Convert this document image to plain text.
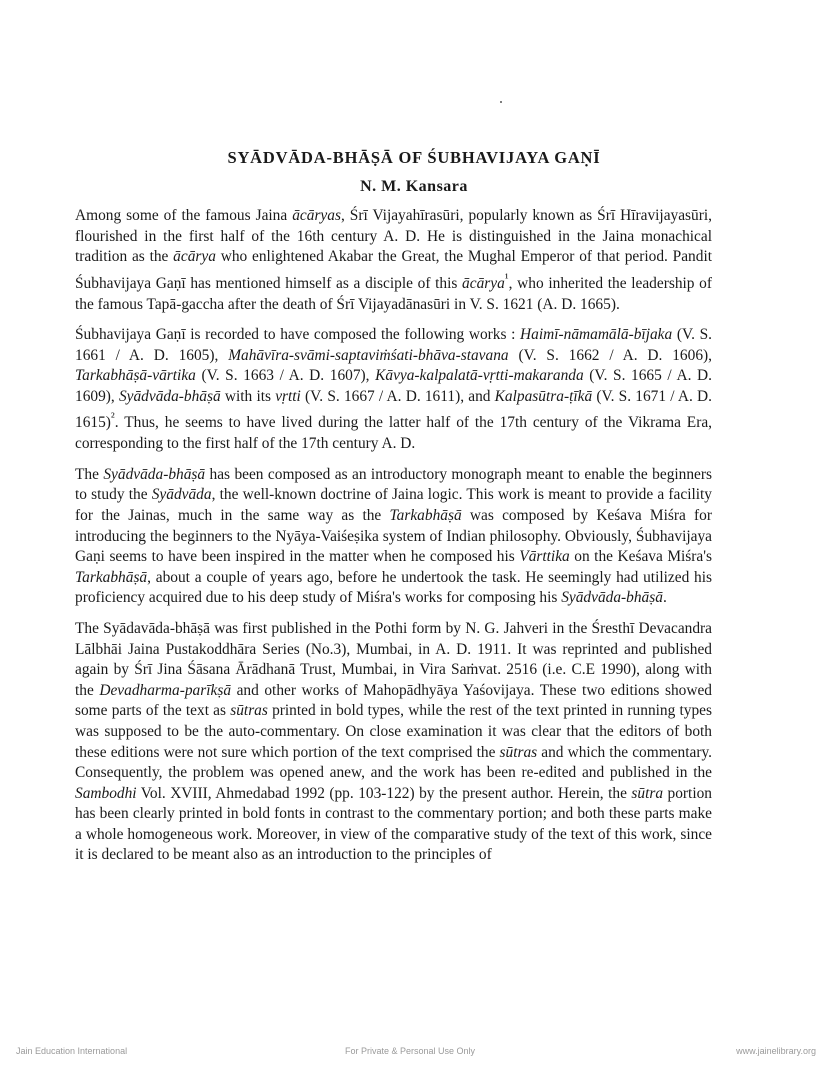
SYĀDVĀDA-BHĀṢĀ OF ŚUBHAVIJAYA GAṆĪ
N. M. Kansara

Among some of the famous Jaina ācāryas, Śrī Vijayahīrasūri, popularly known as Śrī Hīravijayasūri, flourished in the first half of the 16th century A. D. He is distinguished in the Jaina monachical tradition as the ācārya who enlightened Akabar the Great, the Mughal Emperor of that period. Pandit Śubhavijaya Gaṇī has mentioned himself as a disciple of this ācārya$^{^1}$, who inherited the leadership of the famous Tapā-gaccha after the death of Śrī Vijayadānasūri in V. S. 1621 (A. D. 1665).

Śubhavijaya Gaṇī is recorded to have composed the following works : Haimī-nāmamālā-bījaka (V. S. 1661 / A. D. 1605), Mahāvīra-svāmi-saptaviṁśati-bhāva-stavana (V. S. 1662 / A. D. 1606), Tarkabhāṣā-vārtika (V. S. 1663 / A. D. 1607), Kāvya-kalpalatā-vṛtti-makaranda (V. S. 1665 / A. D. 1609), Syādvāda-bhāṣā with its vṛtti (V. S. 1667 / A. D. 1611), and Kalpasūtra-ṭīkā (V. S. 1671 / A. D. 1615)$^{^2}$. Thus, he seems to have lived during the latter half of the 17th century of the Vikrama Era, corresponding to the first half of the 17th century A. D.

The Syādvāda-bhāṣā has been composed as an introductory monograph meant to enable the beginners to study the Syādvāda, the well-known doctrine of Jaina logic. This work is meant to provide a facility for the Jainas, much in the same way as the Tarkabhāṣā was composed by Keśava Miśra for introducing the beginners to the Nyāya-Vaiśeṣika system of Indian philosophy. Obviously, Śubhavijaya Gaṇi seems to have been inspired in the matter when he composed his Vārttika on the Keśava Miśra's Tarkabhāṣā, about a couple of years ago, before he undertook the task. He seemingly had utilized his proficiency acquired due to his deep study of Miśra's works for composing his Syādvāda-bhāṣā.

The Syādavāda-bhāṣā was first published in the Pothi form by N. G. Jahveri in the Śresthī Devacandra Lālbhāi Jaina Pustakoddhāra Series (No.3), Mumbai, in A. D. 1911. It was reprinted and published again by Śrī Jina Śāsana Ārādhanā Trust, Mumbai, in Vira Saṁvat. 2516 (i.e. C.E 1990), along with the Devadharma-parīkṣā and other works of Mahopādhyāya Yaśovijaya. These two editions showed some parts of the text as sūtras printed in bold types, while the rest of the text printed in running types was supposed to be the auto-commentary. On close examination it was clear that the editors of both these editions were not sure which portion of the text comprised the sūtras and which the commentary. Consequently, the problem was opened anew, and the work has been re-edited and published in the Sambodhi Vol. XVIII, Ahmedabad 1992 (pp. 103-122) by the present author. Herein, the sūtra portion has been clearly printed in bold fonts in contrast to the commentary portion; and both these parts make a whole homogeneous work. Moreover, in view of the comparative study of the text of this work, since it is declared to be meant also as an introduction to the principles of

Jain Education International	For Private & Personal Use Only	www.jainelibrary.org
